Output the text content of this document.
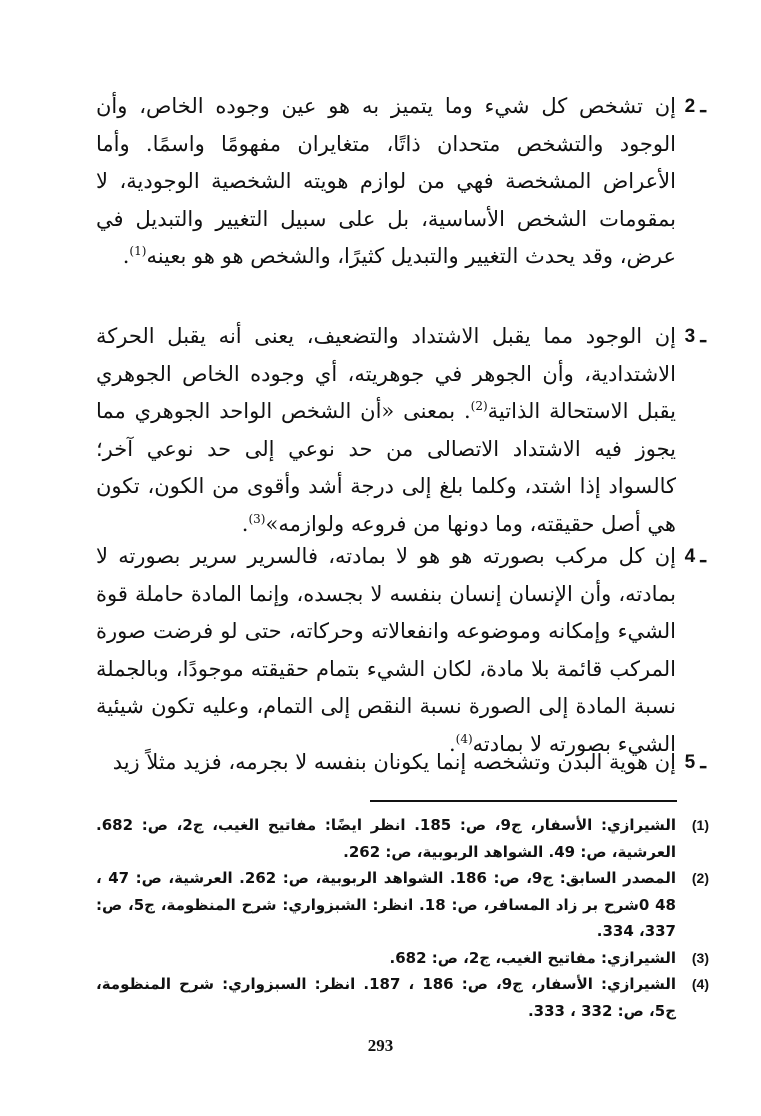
2 ـ
إن تشخص كل شيء وما يتميز به هو عين وجوده الخاص، وأن الوجود والتشخص متحدان ذاتًا، متغايران مفهومًا واسمًا. وأما الأعراض المشخصة فهي من لوازم هويته الشخصية الوجودية، لا بمقومات الشخص الأساسية، بل على سبيل التغيير والتبديل في عرض، وقد يحدث التغيير والتبديل كثيرًا، والشخص هو هو بعينه$^{(1)}$.
3 ـ
إن الوجود مما يقبل الاشتداد والتضعيف، يعنى أنه يقبل الحركة الاشتدادية، وأن الجوهر في جوهريته، أي وجوده الخاص الجوهري يقبل الاستحالة الذاتية$^{(2)}$. بمعنى «أن الشخص الواحد الجوهري مما يجوز فيه الاشتداد الاتصالى من حد نوعي إلى حد نوعي آخر؛ كالسواد إذا اشتد، وكلما بلغ إلى درجة أشد وأقوى من الكون، تكون هي أصل حقيقته، وما دونها من فروعه ولوازمه»$^{(3)}$.
4 ـ
إن كل مركب بصورته هو هو لا بمادته، فالسرير سرير بصورته لا بمادته، وأن الإنسان إنسان بنفسه لا بجسده، وإنما المادة حاملة قوة الشيء وإمكانه وموضوعه وانفعالاته وحركاته، حتى لو فرضت صورة المركب قائمة بلا مادة، لكان الشيء بتمام حقيقته موجودًا، وبالجملة نسبة المادة إلى الصورة نسبة النقص إلى التمام، وعليه تكون شيئية الشيء بصورته لا بمادته$^{(4)}$.
5 ـ
إن هوية البدن وتشخصه إنما يكونان بنفسه لا بجرمه، فزيد مثلاً زيد
(1)
الشيرازي: الأسفار، ج9، ص: 185. انظر ايضًا: مفاتيح الغيب، ج2، ص: 682. العرشية، ص: 49. الشواهد الربوبية، ص: 262.
(2)
المصدر السابق: ج9، ص: 186. الشواهد الربوبية، ص: 262. العرشية، ص: 47 ، 48 0شرح بر زاد المسافر، ص: 18. انظر: الشبزواري: شرح المنظومة، ج5، ص: 337، 334.
(3)
الشيرازي: مفاتيح الغيب، ج2، ص: 682.
(4)
الشيرازي: الأسفار، ج9، ص: 186 ، 187. انظر: السبزواري: شرح المنظومة، ج5، ص: 332 ، 333.
293
